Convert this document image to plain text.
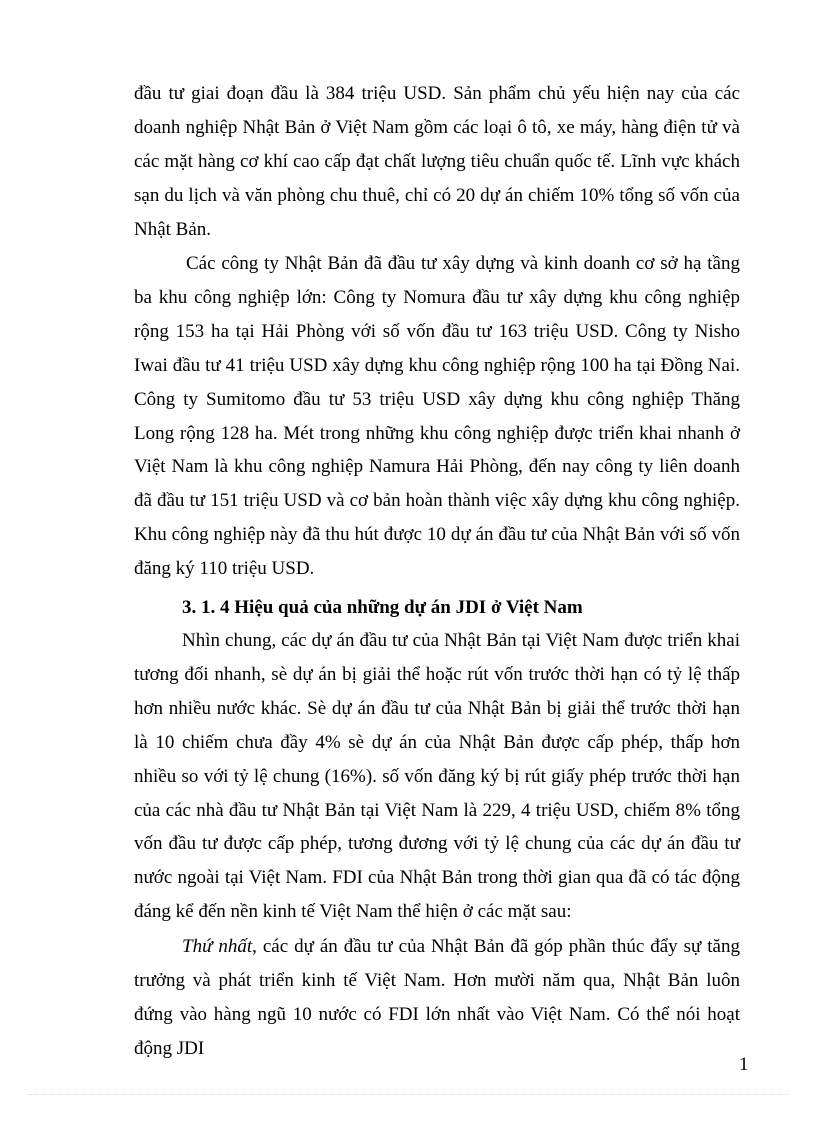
đầu tư giai đoạn đầu là 384 triệu USD. Sản phẩm chủ yếu hiện nay của các doanh nghiệp Nhật Bản ở Việt Nam gồm các loại ô tô, xe máy, hàng điện tử và các mặt hàng cơ khí cao cấp đạt chất lượng tiêu chuẩn quốc tế. Lĩnh vực khách sạn du lịch và văn phòng chu thuê, chỉ có 20 dự án chiếm 10% tổng số vốn của Nhật Bản.

Các công ty Nhật Bản đã đầu tư xây dựng và kinh doanh cơ sở hạ tầng ba khu công nghiệp lớn: Công ty Nomura đầu tư xây dựng khu công nghiệp rộng 153 ha tại Hải Phòng với số vốn đầu tư 163 triệu USD. Công ty Nisho Iwai đầu tư 41 triệu USD xây dựng khu công nghiệp rộng 100 ha tại Đồng Nai. Công ty Sumitomo đầu tư 53 triệu USD xây dựng khu công nghiệp Thăng Long rộng 128 ha. Mét trong những khu công nghiệp được triển khai nhanh ở Việt Nam là khu công nghiệp Namura Hải Phòng, đến nay công ty liên doanh đã đầu tư 151 triệu USD và cơ bản hoàn thành việc xây dựng khu công nghiệp. Khu công nghiệp này đã thu hút được 10 dự án đầu tư của Nhật Bản với số vốn đăng ký 110 triệu USD.

3. 1. 4 Hiệu quả của những dự án JDI ở Việt Nam

Nhìn chung, các dự án đầu tư của Nhật Bản tại Việt Nam được triển khai tương đối nhanh, sè dự án bị giải thể hoặc rút vốn trước thời hạn có tỷ lệ thấp hơn nhiều nước khác. Sè dự án đầu tư của Nhật Bản bị giải thể trước thời hạn là 10 chiếm chưa đầy 4% sè dự án của Nhật Bản được cấp phép, thấp hơn nhiều so với tỷ lệ chung (16%). số vốn đăng ký bị rút giấy phép trước thời hạn của các nhà đầu tư Nhật Bản tại Việt Nam là 229, 4 triệu USD, chiếm 8% tổng vốn đầu tư được cấp phép, tương đương với tỷ lệ chung của các dự án đầu tư nước ngoài tại Việt Nam. FDI của Nhật Bản trong thời gian qua đã có tác động đáng kể đến nền kinh tế Việt Nam thể hiện ở các mặt sau:

Thứ nhất, các dự án đầu tư của Nhật Bản đã góp phần thúc đẩy sự tăng trưởng và phát triển kinh tế Việt Nam. Hơn mười năm qua, Nhật Bản luôn đứng vào hàng ngũ 10 nước có FDI lớn nhất vào Việt Nam. Có thể nói hoạt động JDI

1
